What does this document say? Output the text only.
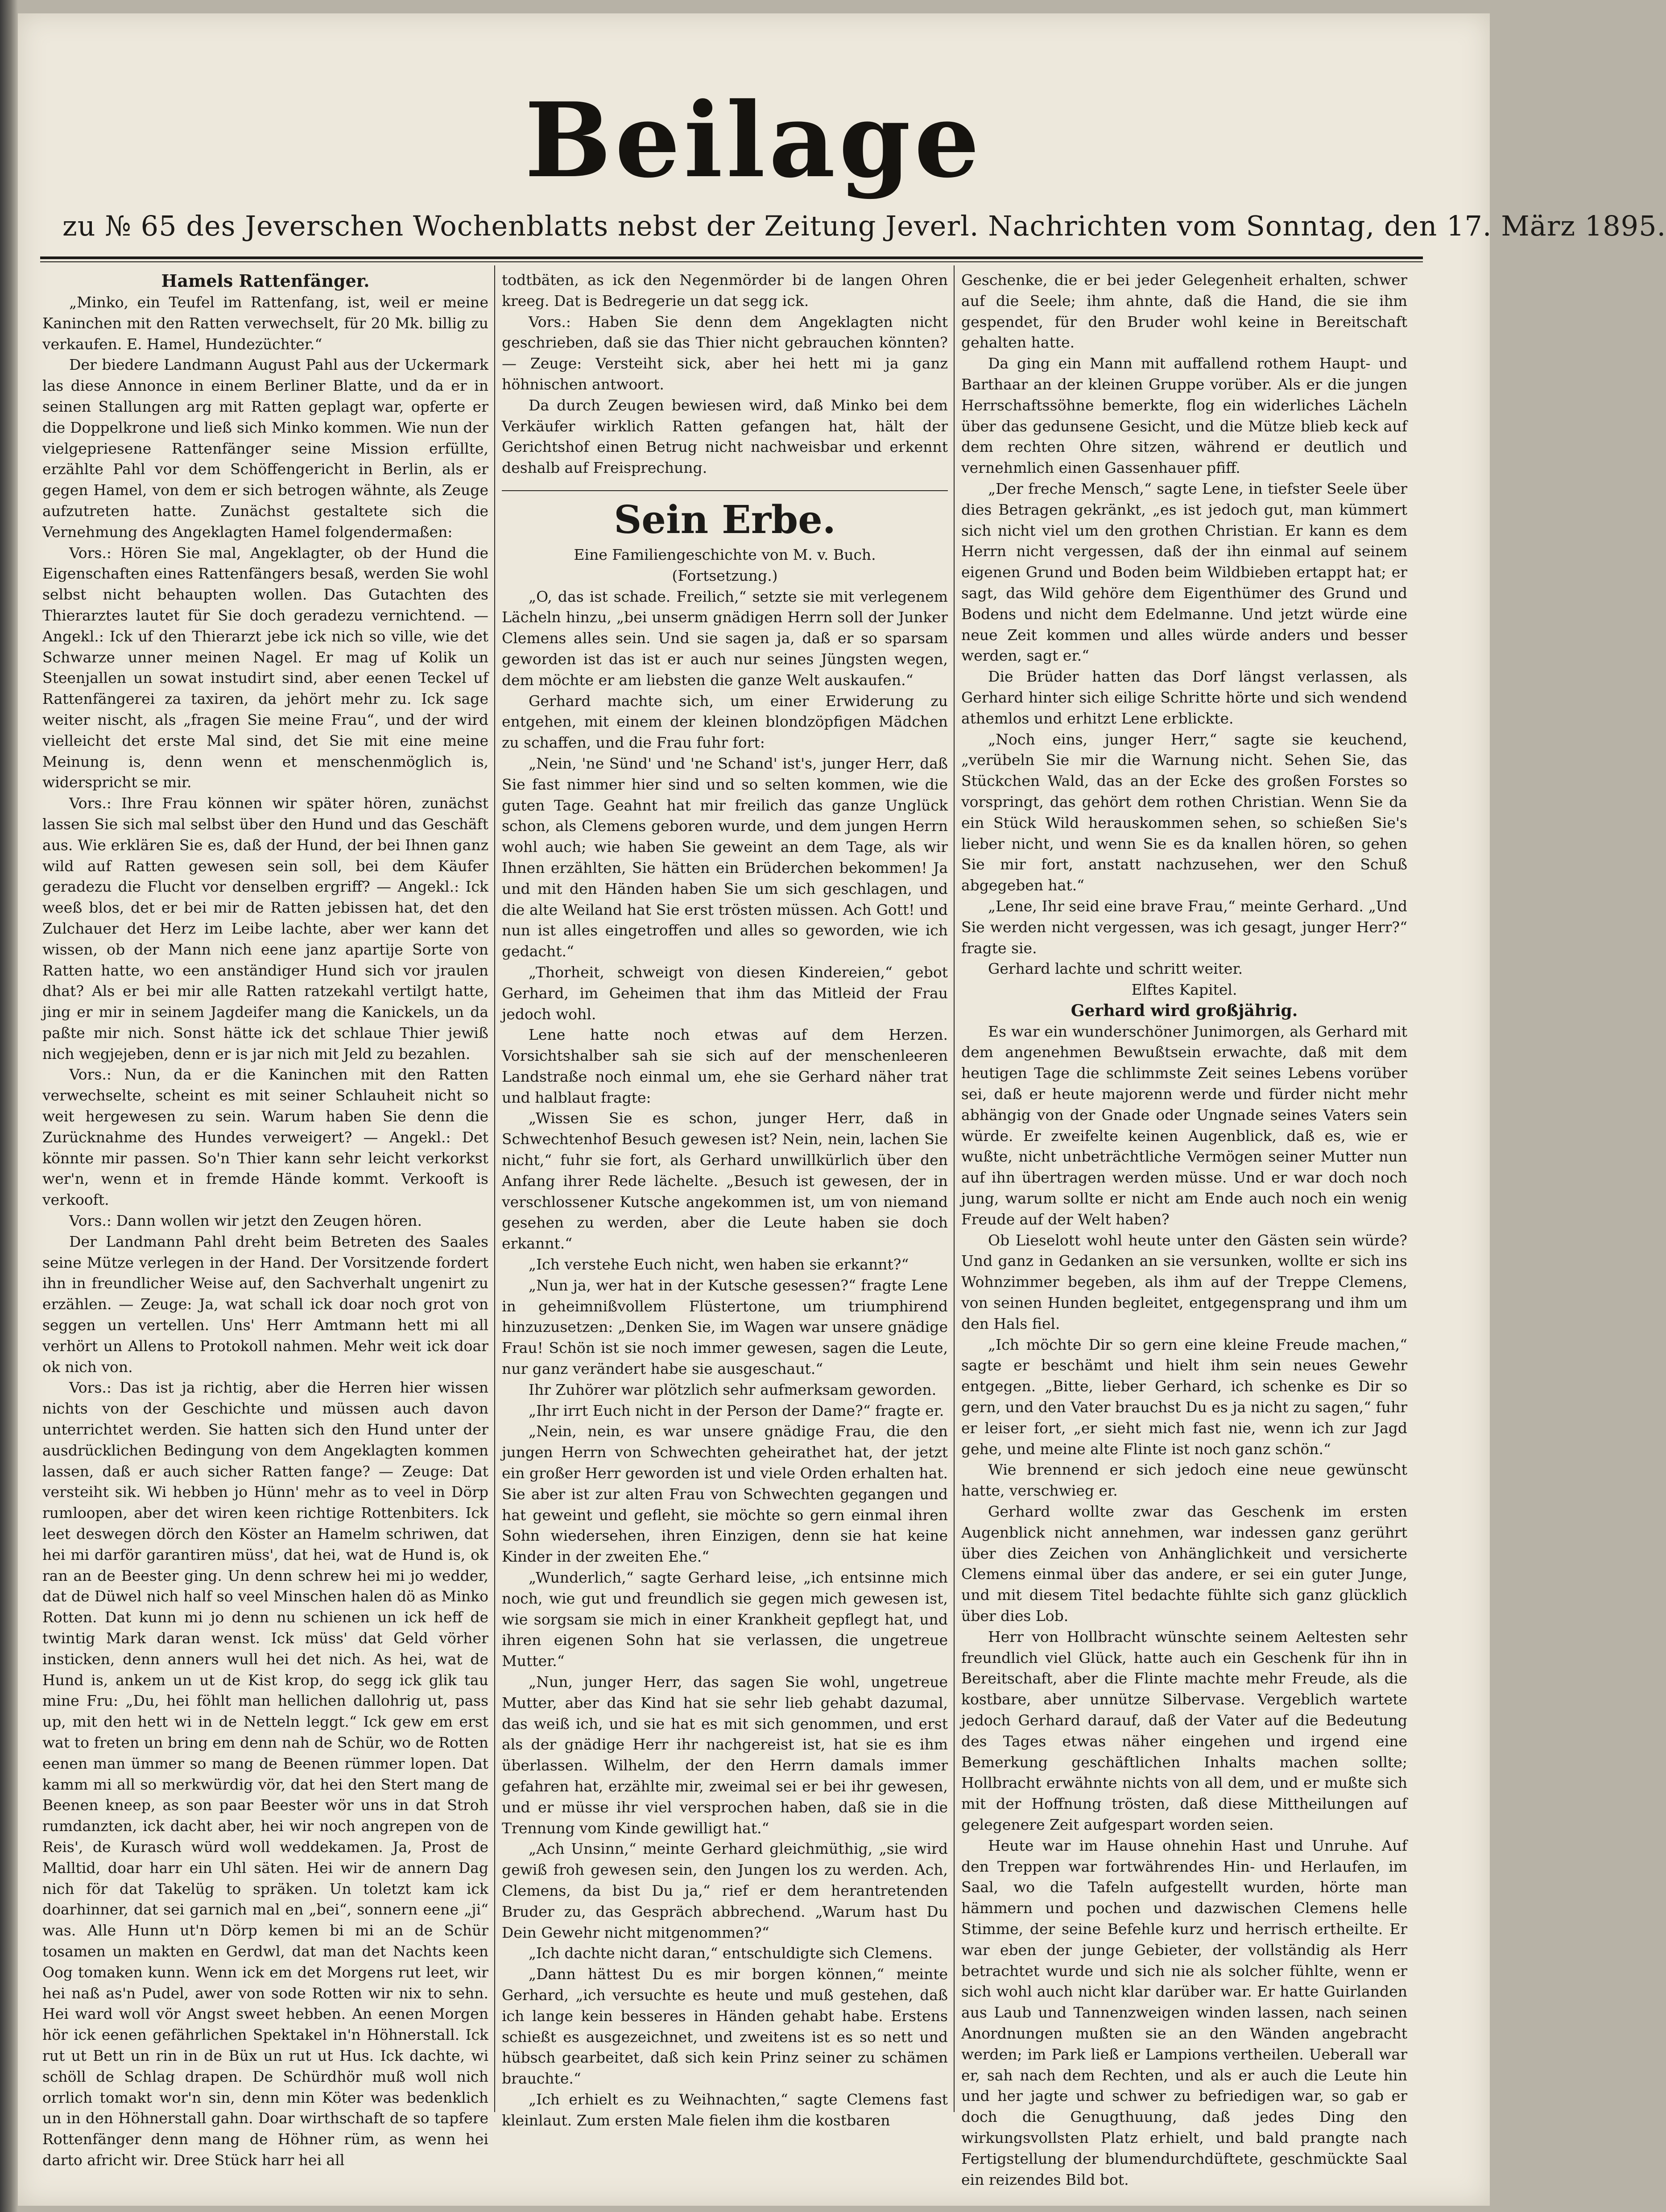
Beilage
zu № 65 des Jeverschen Wochenblatts nebst der Zeitung Jeverl. Nachrichten vom Sonntag, den 17. März 1895.

Hamels Rattenfänger.

„Minko, ein Teufel im Rattenfang, ist, weil er meine Kaninchen mit den Ratten verwechselt, für 20 Mk. billig zu verkaufen. E. Hamel, Hundezüchter.“

Der biedere Landmann August Pahl aus der Uckermark las diese Annonce in einem Berliner Blatte, und da er in seinen Stallungen arg mit Ratten geplagt war, opferte er die Doppelkrone und ließ sich Minko kommen. Wie nun der vielgepriesene Rattenfänger seine Mission erfüllte, erzählte Pahl vor dem Schöffengericht in Berlin, als er gegen Hamel, von dem er sich betrogen wähnte, als Zeuge aufzutreten hatte. Zunächst gestaltete sich die Vernehmung des Angeklagten Hamel folgendermaßen:

Vors.: Hören Sie mal, Angeklagter, ob der Hund die Eigenschaften eines Rattenfängers besaß, werden Sie wohl selbst nicht behaupten wollen. Das Gutachten des Thierarztes lautet für Sie doch geradezu vernichtend. — Angekl.: Ick uf den Thierarzt jebe ick nich so ville, wie det Schwarze unner meinen Nagel. Er mag uf Kolik un Steenjallen un sowat instudirt sind, aber eenen Teckel uf Rattenfängerei za taxiren, da jehört mehr zu. Ick sage weiter nischt, als „fragen Sie meine Frau“, und der wird vielleicht det erste Mal sind, det Sie mit eine meine Meinung is, denn wenn et menschenmöglich is, widerspricht se mir.

Vors.: Ihre Frau können wir später hören, zunächst lassen Sie sich mal selbst über den Hund und das Geschäft aus. Wie erklären Sie es, daß der Hund, der bei Ihnen ganz wild auf Ratten gewesen sein soll, bei dem Käufer geradezu die Flucht vor denselben ergriff? — Angekl.: Ick weeß blos, det er bei mir de Ratten jebissen hat, det den Zulchauer det Herz im Leibe lachte, aber wer kann det wissen, ob der Mann nich eene janz apartije Sorte von Ratten hatte, wo een anständiger Hund sich vor jraulen dhat? Als er bei mir alle Ratten ratzekahl vertilgt hatte, jing er mir in seinem Jagdeifer mang die Kanickels, un da paßte mir nich. Sonst hätte ick det schlaue Thier jewiß nich wegjejeben, denn er is jar nich mit Jeld zu bezahlen.

Vors.: Nun, da er die Kaninchen mit den Ratten verwechselte, scheint es mit seiner Schlauheit nicht so weit hergewesen zu sein. Warum haben Sie denn die Zurücknahme des Hundes verweigert? — Angekl.: Det könnte mir passen. So'n Thier kann sehr leicht verkorkst wer'n, wenn et in fremde Hände kommt. Verkooft is verkooft.

Vors.: Dann wollen wir jetzt den Zeugen hören.

Der Landmann Pahl dreht beim Betreten des Saales seine Mütze verlegen in der Hand. Der Vorsitzende fordert ihn in freundlicher Weise auf, den Sachverhalt ungenirt zu erzählen. — Zeuge: Ja, wat schall ick doar noch grot von seggen un vertellen. Uns' Herr Amtmann hett mi all verhört un Allens to Protokoll nahmen. Mehr weit ick doar ok nich von.

Vors.: Das ist ja richtig, aber die Herren hier wissen nichts von der Geschichte und müssen auch davon unterrichtet werden. Sie hatten sich den Hund unter der ausdrücklichen Bedingung von dem Angeklagten kommen lassen, daß er auch sicher Ratten fange? — Zeuge: Dat versteiht sik. Wi hebben jo Hünn' mehr as to veel in Dörp rumloopen, aber det wiren keen richtige Rottenbiters. Ick leet deswegen dörch den Köster an Hamelm schriwen, dat hei mi darför garantiren müss', dat hei, wat de Hund is, ok ran an de Beester ging. Un denn schrew hei mi jo wedder, dat de Düwel nich half so veel Minschen halen dö as Minko Rotten. Dat kunn mi jo denn nu schienen un ick heff de twintig Mark daran wenst. Ick müss' dat Geld vörher insticken, denn anners wull hei det nich. As hei, wat de Hund is, ankem un ut de Kist krop, do segg ick glik tau mine Fru: „Du, hei föhlt man hellichen dallohrig ut, pass up, mit den hett wi in de Netteln leggt.“ Ick gew em erst wat to freten un bring em denn nah de Schür, wo de Rotten eenen man ümmer so mang de Beenen rümmer lopen. Dat kamm mi all so merkwürdig vör, dat hei den Stert mang de Beenen kneep, as son paar Beester wör uns in dat Stroh rumdanzten, ick dacht aber, hei wir noch angrepen von de Reis', de Kurasch würd woll weddekamen. Ja, Prost de Malltid, doar harr ein Uhl säten. Hei wir de annern Dag nich för dat Takelüg to spräken. Un toletzt kam ick doarhinner, dat sei garnich mal en „bei“, sonnern eene „ji“ was. Alle Hunn ut'n Dörp kemen bi mi an de Schür tosamen un makten en Gerdwl, dat man det Nachts keen Oog tomaken kunn. Wenn ick em det Morgens rut leet, wir hei naß as'n Pudel, awer von sode Rotten wir nix to sehn. Hei ward woll vör Angst sweet hebben. An eenen Morgen hör ick eenen gefährlichen Spektakel in'n Höhnerstall. Ick rut ut Bett un rin in de Büx un rut ut Hus. Ick dachte, wi schöll de Schlag drapen. De Schürdhör muß woll nich orrlich tomakt wor'n sin, denn min Köter was bedenklich un in den Höhnerstall gahn. Doar wirthschaft de so tapfere Rottenfänger denn mang de Höhner rüm, as wenn hei darto africht wir. Dree Stück harr hei all

todtbäten, as ick den Negenmörder bi de langen Ohren kreeg. Dat is Bedregerie un dat segg ick.

Vors.: Haben Sie denn dem Angeklagten nicht geschrieben, daß sie das Thier nicht gebrauchen könnten? — Zeuge: Versteiht sick, aber hei hett mi ja ganz höhnischen antwoort.

Da durch Zeugen bewiesen wird, daß Minko bei dem Verkäufer wirklich Ratten gefangen hat, hält der Gerichtshof einen Betrug nicht nachweisbar und erkennt deshalb auf Freisprechung.

Sein Erbe.

Eine Familiengeschichte von M. v. Buch.

(Fortsetzung.)

„O, das ist schade. Freilich,“ setzte sie mit verlegenem Lächeln hinzu, „bei unserm gnädigen Herrn soll der Junker Clemens alles sein. Und sie sagen ja, daß er so sparsam geworden ist das ist er auch nur seines Jüngsten wegen, dem möchte er am liebsten die ganze Welt auskaufen.“

Gerhard machte sich, um einer Erwiderung zu entgehen, mit einem der kleinen blondzöpfigen Mädchen zu schaffen, und die Frau fuhr fort:

„Nein, 'ne Sünd' und 'ne Schand' ist's, junger Herr, daß Sie fast nimmer hier sind und so selten kommen, wie die guten Tage. Geahnt hat mir freilich das ganze Unglück schon, als Clemens geboren wurde, und dem jungen Herrn wohl auch; wie haben Sie geweint an dem Tage, als wir Ihnen erzählten, Sie hätten ein Brüderchen bekommen! Ja und mit den Händen haben Sie um sich geschlagen, und die alte Weiland hat Sie erst trösten müssen. Ach Gott! und nun ist alles eingetroffen und alles so geworden, wie ich gedacht.“

„Thorheit, schweigt von diesen Kindereien,“ gebot Gerhard, im Geheimen that ihm das Mitleid der Frau jedoch wohl.

Lene hatte noch etwas auf dem Herzen. Vorsichtshalber sah sie sich auf der menschenleeren Landstraße noch einmal um, ehe sie Gerhard näher trat und halblaut fragte:

„Wissen Sie es schon, junger Herr, daß in Schwechtenhof Besuch gewesen ist? Nein, nein, lachen Sie nicht,“ fuhr sie fort, als Gerhard unwillkürlich über den Anfang ihrer Rede lächelte. „Besuch ist gewesen, der in verschlossener Kutsche angekommen ist, um von niemand gesehen zu werden, aber die Leute haben sie doch erkannt.“

„Ich verstehe Euch nicht, wen haben sie erkannt?“

„Nun ja, wer hat in der Kutsche gesessen?“ fragte Lene in geheimnißvollem Flüstertone, um triumphirend hinzuzusetzen: „Denken Sie, im Wagen war unsere gnädige Frau! Schön ist sie noch immer gewesen, sagen die Leute, nur ganz verändert habe sie ausgeschaut.“

Ihr Zuhörer war plötzlich sehr aufmerksam geworden.

„Ihr irrt Euch nicht in der Person der Dame?“ fragte er.

„Nein, nein, es war unsere gnädige Frau, die den jungen Herrn von Schwechten geheirathet hat, der jetzt ein großer Herr geworden ist und viele Orden erhalten hat. Sie aber ist zur alten Frau von Schwechten gegangen und hat geweint und gefleht, sie möchte so gern einmal ihren Sohn wiedersehen, ihren Einzigen, denn sie hat keine Kinder in der zweiten Ehe.“

„Wunderlich,“ sagte Gerhard leise, „ich entsinne mich noch, wie gut und freundlich sie gegen mich gewesen ist, wie sorgsam sie mich in einer Krankheit gepflegt hat, und ihren eigenen Sohn hat sie verlassen, die ungetreue Mutter.“

„Nun, junger Herr, das sagen Sie wohl, ungetreue Mutter, aber das Kind hat sie sehr lieb gehabt dazumal, das weiß ich, und sie hat es mit sich genommen, und erst als der gnädige Herr ihr nachgereist ist, hat sie es ihm überlassen. Wilhelm, der den Herrn damals immer gefahren hat, erzählte mir, zweimal sei er bei ihr gewesen, und er müsse ihr viel versprochen haben, daß sie in die Trennung vom Kinde gewilligt hat.“

„Ach Unsinn,“ meinte Gerhard gleichmüthig, „sie wird gewiß froh gewesen sein, den Jungen los zu werden. Ach, Clemens, da bist Du ja,“ rief er dem herantretenden Bruder zu, das Gespräch abbrechend. „Warum hast Du Dein Gewehr nicht mitgenommen?“

„Ich dachte nicht daran,“ entschuldigte sich Clemens.

„Dann hättest Du es mir borgen können,“ meinte Gerhard, „ich versuchte es heute und muß gestehen, daß ich lange kein besseres in Händen gehabt habe. Erstens schießt es ausgezeichnet, und zweitens ist es so nett und hübsch gearbeitet, daß sich kein Prinz seiner zu schämen brauchte.“

„Ich erhielt es zu Weihnachten,“ sagte Clemens fast kleinlaut. Zum ersten Male fielen ihm die kostbaren

Geschenke, die er bei jeder Gelegenheit erhalten, schwer auf die Seele; ihm ahnte, daß die Hand, die sie ihm gespendet, für den Bruder wohl keine in Bereitschaft gehalten hatte.

Da ging ein Mann mit auffallend rothem Haupt- und Barthaar an der kleinen Gruppe vorüber. Als er die jungen Herrschaftssöhne bemerkte, flog ein widerliches Lächeln über das gedunsene Gesicht, und die Mütze blieb keck auf dem rechten Ohre sitzen, während er deutlich und vernehmlich einen Gassenhauer pfiff.

„Der freche Mensch,“ sagte Lene, in tiefster Seele über dies Betragen gekränkt, „es ist jedoch gut, man kümmert sich nicht viel um den grothen Christian. Er kann es dem Herrn nicht vergessen, daß der ihn einmal auf seinem eigenen Grund und Boden beim Wildbieben ertappt hat; er sagt, das Wild gehöre dem Eigenthümer des Grund und Bodens und nicht dem Edelmanne. Und jetzt würde eine neue Zeit kommen und alles würde anders und besser werden, sagt er.“

Die Brüder hatten das Dorf längst verlassen, als Gerhard hinter sich eilige Schritte hörte und sich wendend athemlos und erhitzt Lene erblickte.

„Noch eins, junger Herr,“ sagte sie keuchend, „verübeln Sie mir die Warnung nicht. Sehen Sie, das Stückchen Wald, das an der Ecke des großen Forstes so vorspringt, das gehört dem rothen Christian. Wenn Sie da ein Stück Wild herauskommen sehen, so schießen Sie's lieber nicht, und wenn Sie es da knallen hören, so gehen Sie mir fort, anstatt nachzusehen, wer den Schuß abgegeben hat.“

„Lene, Ihr seid eine brave Frau,“ meinte Gerhard. „Und Sie werden nicht vergessen, was ich gesagt, junger Herr?“ fragte sie.

Gerhard lachte und schritt weiter.

Elftes Kapitel.

Gerhard wird großjährig.

Es war ein wunderschöner Junimorgen, als Gerhard mit dem angenehmen Bewußtsein erwachte, daß mit dem heutigen Tage die schlimmste Zeit seines Lebens vorüber sei, daß er heute majorenn werde und fürder nicht mehr abhängig von der Gnade oder Ungnade seines Vaters sein würde. Er zweifelte keinen Augenblick, daß es, wie er wußte, nicht unbeträchtliche Vermögen seiner Mutter nun auf ihn übertragen werden müsse. Und er war doch noch jung, warum sollte er nicht am Ende auch noch ein wenig Freude auf der Welt haben?

Ob Lieselott wohl heute unter den Gästen sein würde? Und ganz in Gedanken an sie versunken, wollte er sich ins Wohnzimmer begeben, als ihm auf der Treppe Clemens, von seinen Hunden begleitet, entgegensprang und ihm um den Hals fiel.

„Ich möchte Dir so gern eine kleine Freude machen,“ sagte er beschämt und hielt ihm sein neues Gewehr entgegen. „Bitte, lieber Gerhard, ich schenke es Dir so gern, und den Vater brauchst Du es ja nicht zu sagen,“ fuhr er leiser fort, „er sieht mich fast nie, wenn ich zur Jagd gehe, und meine alte Flinte ist noch ganz schön.“

Wie brennend er sich jedoch eine neue gewünscht hatte, verschwieg er.

Gerhard wollte zwar das Geschenk im ersten Augenblick nicht annehmen, war indessen ganz gerührt über dies Zeichen von Anhänglichkeit und versicherte Clemens einmal über das andere, er sei ein guter Junge, und mit diesem Titel bedachte fühlte sich ganz glücklich über dies Lob.

Herr von Hollbracht wünschte seinem Aeltesten sehr freundlich viel Glück, hatte auch ein Geschenk für ihn in Bereitschaft, aber die Flinte machte mehr Freude, als die kostbare, aber unnütze Silbervase. Vergeblich wartete jedoch Gerhard darauf, daß der Vater auf die Bedeutung des Tages etwas näher eingehen und irgend eine Bemerkung geschäftlichen Inhalts machen sollte; Hollbracht erwähnte nichts von all dem, und er mußte sich mit der Hoffnung trösten, daß diese Mittheilungen auf gelegenere Zeit aufgespart worden seien.

Heute war im Hause ohnehin Hast und Unruhe. Auf den Treppen war fortwährendes Hin- und Herlaufen, im Saal, wo die Tafeln aufgestellt wurden, hörte man hämmern und pochen und dazwischen Clemens helle Stimme, der seine Befehle kurz und herrisch ertheilte. Er war eben der junge Gebieter, der vollständig als Herr betrachtet wurde und sich nie als solcher fühlte, wenn er sich wohl auch nicht klar darüber war. Er hatte Guirlanden aus Laub und Tannenzweigen winden lassen, nach seinen Anordnungen mußten sie an den Wänden angebracht werden; im Park ließ er Lampions vertheilen. Ueberall war er, sah nach dem Rechten, und als er auch die Leute hin und her jagte und schwer zu befriedigen war, so gab er doch die Genugthuung, daß jedes Ding den wirkungsvollsten Platz erhielt, und bald prangte nach Fertigstellung der blumendurchdüftete, geschmückte Saal ein reizendes Bild bot.
